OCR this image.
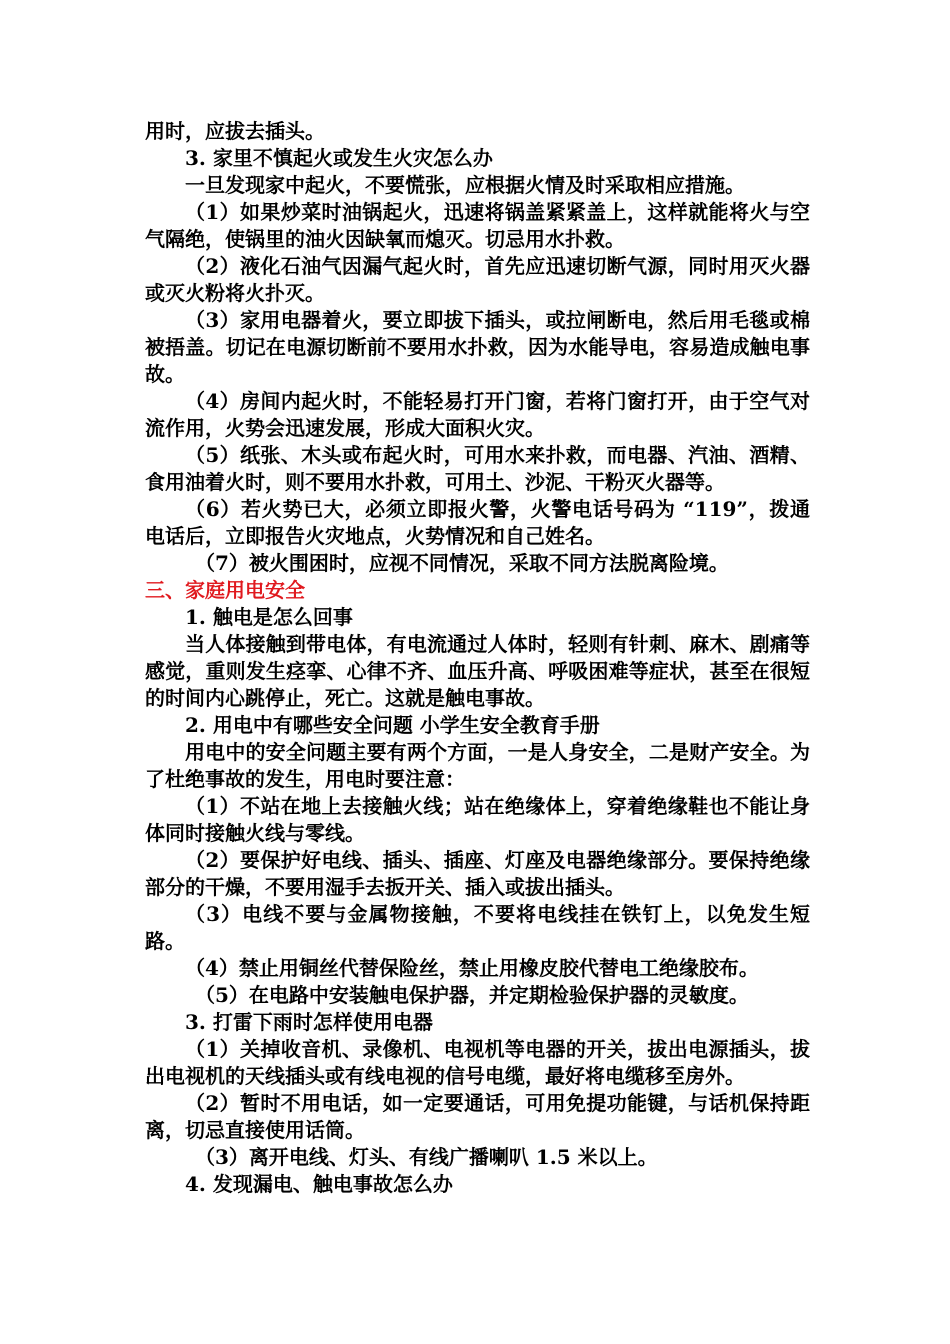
用时，应拔去插头。

3. 家里不慎起火或发生火灾怎么办

一旦发现家中起火，不要慌张，应根据火情及时采取相应措施。

（1）如果炒菜时油锅起火，迅速将锅盖紧紧盖上，这样就能将火与空气隔绝，使锅里的油火因缺氧而熄灭。切忌用水扑救。

（2）液化石油气因漏气起火时，首先应迅速切断气源，同时用灭火器或灭火粉将火扑灭。

（3）家用电器着火，要立即拔下插头，或拉闸断电，然后用毛毯或棉被捂盖。切记在电源切断前不要用水扑救，因为水能导电，容易造成触电事故。

（4）房间内起火时，不能轻易打开门窗，若将门窗打开，由于空气对流作用，火势会迅速发展，形成大面积火灾。

（5）纸张、木头或布起火时，可用水来扑救，而电器、汽油、酒精、食用油着火时，则不要用水扑救，可用土、沙泥、干粉灭火器等。

（6）若火势已大，必须立即报火警，火警电话号码为 “119”，拨通电话后，立即报告火灾地点，火势情况和自己姓名。

（7）被火围困时，应视不同情况，采取不同方法脱离险境。

三、家庭用电安全

1. 触电是怎么回事

当人体接触到带电体，有电流通过人体时，轻则有针刺、麻木、剧痛等感觉，重则发生痉挛、心律不齐、血压升高、呼吸困难等症状，甚至在很短的时间内心跳停止，死亡。这就是触电事故。

2. 用电中有哪些安全问题 小学生安全教育手册

用电中的安全问题主要有两个方面，一是人身安全，二是财产安全。为了杜绝事故的发生，用电时要注意：

（1）不站在地上去接触火线；站在绝缘体上，穿着绝缘鞋也不能让身体同时接触火线与零线。

（2）要保护好电线、插头、插座、灯座及电器绝缘部分。要保持绝缘部分的干燥，不要用湿手去扳开关、插入或拔出插头。

（3）电线不要与金属物接触，不要将电线挂在铁钉上，以免发生短路。

（4）禁止用铜丝代替保险丝，禁止用橡皮胶代替电工绝缘胶布。

（5）在电路中安装触电保护器，并定期检验保护器的灵敏度。

3. 打雷下雨时怎样使用电器

（1）关掉收音机、录像机、电视机等电器的开关，拔出电源插头，拔出电视机的天线插头或有线电视的信号电缆，最好将电缆移至房外。

（2）暂时不用电话，如一定要通话，可用免提功能键，与话机保持距离，切忌直接使用话筒。

（3）离开电线、灯头、有线广播喇叭 1.5 米以上。

4. 发现漏电、触电事故怎么办
